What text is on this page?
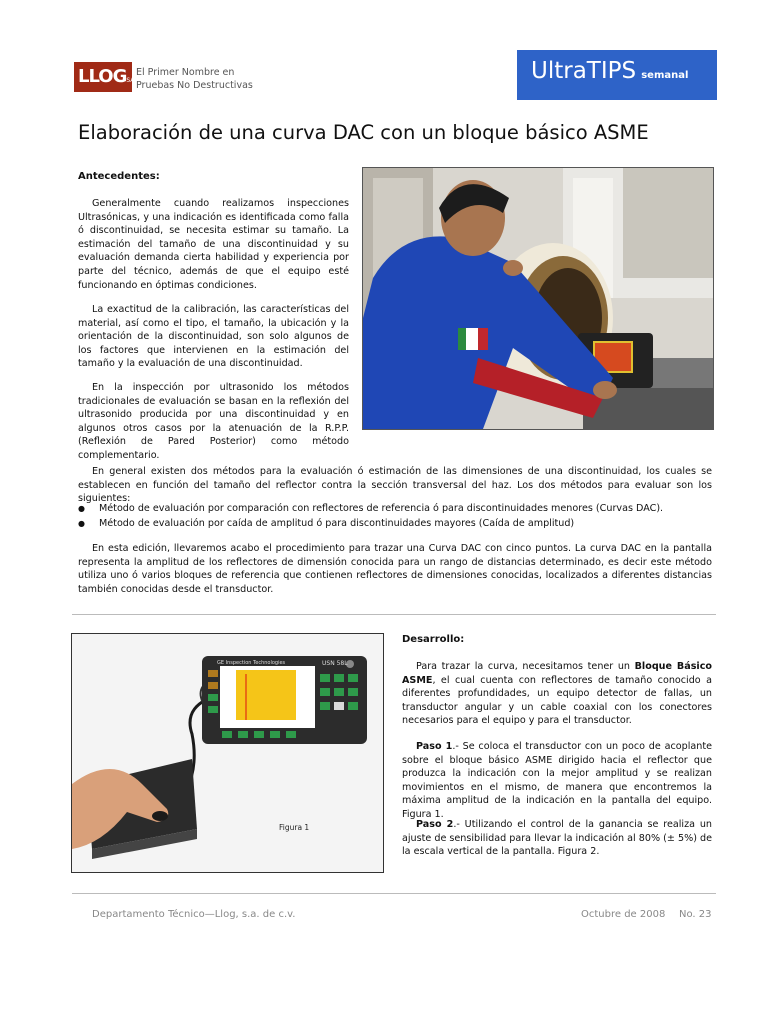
LLOGSA de CV
El Primer Nombre en
Pruebas No Destructivas
UltraTIPS semanal
Elaboración de una curva DAC con un bloque básico ASME
Antecedentes:
Generalmente cuando realizamos inspecciones Ultrasónicas, y una indicación es identificada como falla ó discontinuidad, se necesita estimar su tamaño. La estimación del tamaño de una discontinuidad y su evaluación demanda cierta habilidad y experiencia por parte del técnico, además de que el equipo esté funcionando en óptimas condiciones.
La exactitud de la calibración, las características del material, así como el tipo, el tamaño, la ubicación y la orientación de la discontinuidad, son solo algunos de los factores que intervienen en la estimación del tamaño y la evaluación de una discontinuidad.
En la inspección por ultrasonido los métodos tradicionales de evaluación se basan en la reflexión del ultrasonido producida por una discontinuidad y en algunos otros casos por la atenuación de la R.P.P. (Reflexión de Pared Posterior) como método complementario.
En general existen dos métodos para la evaluación ó estimación de las dimensiones de una discontinuidad, los cuales se establecen en función del tamaño del reflector contra la sección transversal del haz. Los dos métodos para evaluar son los siguientes:
● Método de evaluación por comparación con reflectores de referencia ó para discontinuidades menores (Curvas DAC).
● Método de evaluación por caída de amplitud ó para discontinuidades mayores (Caída de amplitud)
En esta edición, llevaremos acabo el procedimiento para trazar una Curva DAC con cinco puntos. La curva DAC en la pantalla representa la amplitud de los reflectores de dimensión conocida para un rango de distancias determinado, es decir este método utiliza uno ó varios bloques de referencia que contienen reflectores de dimensiones conocidas, localizados a diferentes distancias también conocidas desde el transductor.
GE Inspection Technologies	USN 58L
Figura 1
Desarrollo:
Para trazar la curva, necesitamos tener un Bloque Básico ASME, el cual cuenta con reflectores de tamaño conocido a diferentes profundidades, un equipo detector de fallas, un transductor angular y un cable coaxial con los conectores necesarios para el equipo y para el transductor.
Paso 1.- Se coloca el transductor con un poco de acoplante sobre el bloque básico ASME dirigido hacia el reflector que produzca la indicación con la mejor amplitud y se realizan movimientos en el mismo, de manera que encontremos la máxima amplitud de la indicación en la pantalla del equipo. Figura 1.
Paso 2.- Utilizando el control de la ganancia se realiza un ajuste de sensibilidad para llevar la indicación al 80% (± 5%) de la escala vertical de la pantalla. Figura 2.
Departamento Técnico—Llog, s.a. de c.v.	Octubre de 2008 No. 23
